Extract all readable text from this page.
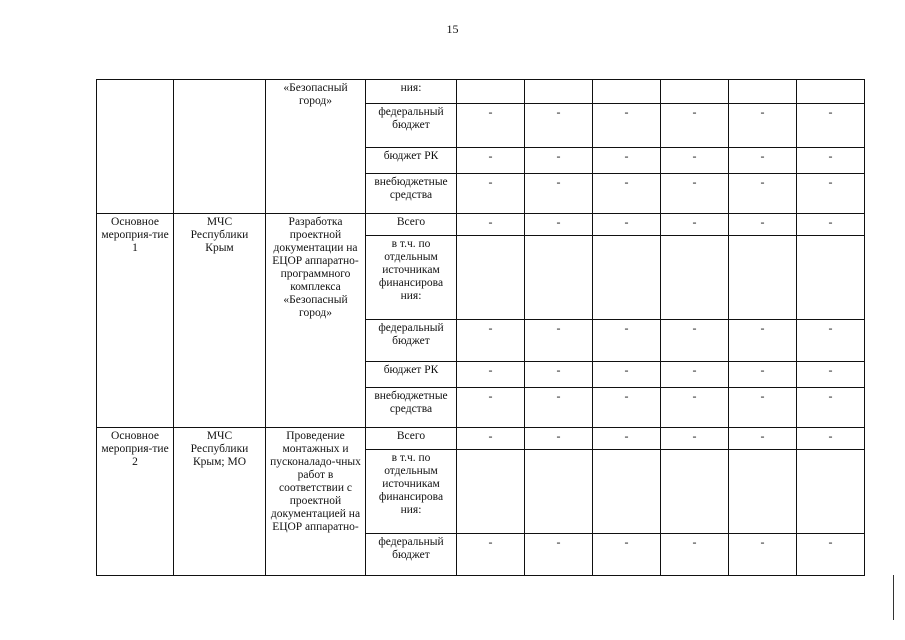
15
		«Безопасный город»	ния:						
			федеральный бюджет	-	-	-	-	-	-
			бюджет РК	-	-	-	-	-	-
			внебюджетные средства	-	-	-	-	-	-
Основное мероприя-тие 1	МЧС Республики Крым	Разработка проектной документации на ЕЦОР аппаратно-программного комплекса «Безопасный город»	Всего	-	-	-	-	-	-
			в т.ч. по отдельным источникам финансирова ния:						
			федеральный бюджет	-	-	-	-	-	-
			бюджет РК	-	-	-	-	-	-
			внебюджетные средства	-	-	-	-	-	-
Основное мероприя-тие 2	МЧС Республики Крым; МО	Проведение монтажных и пусконаладо-чных работ в соответствии с проектной документацией на ЕЦОР аппаратно-	Всего	-	-	-	-	-	-
			в т.ч. по отдельным источникам финансирова ния:						
			федеральный бюджет	-	-	-	-	-	-
